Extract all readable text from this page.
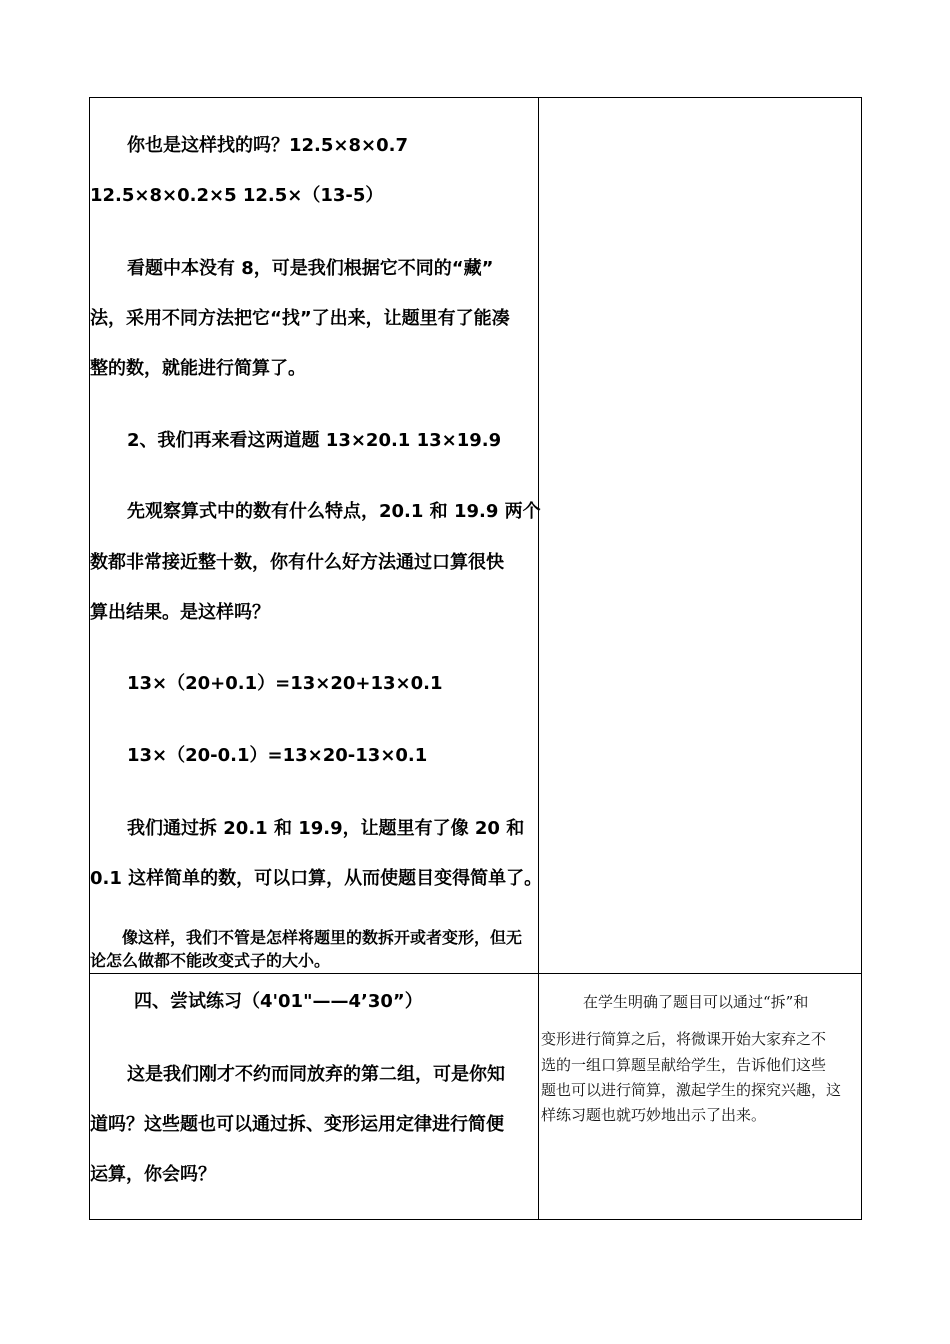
你也是这样找的吗？12.5×8×0.7
12.5×8×0.2×5 12.5×（13-5）
看题中本没有 8，可是我们根据它不同的“藏”
法，采用不同方法把它“找”了出来，让题里有了能凑
整的数，就能进行简算了。
2、我们再来看这两道题 13×20.1 13×19.9
先观察算式中的数有什么特点，20.1 和 19.9 两个
数都非常接近整十数，你有什么好方法通过口算很快
算出结果。是这样吗？
13×（20+0.1）=13×20+13×0.1
13×（20-0.1）=13×20-13×0.1
我们通过拆 20.1 和 19.9，让题里有了像 20 和
0.1 这样简单的数，可以口算，从而使题目变得简单了。
像这样，我们不管是怎样将题里的数拆开或者变形，但无
论怎么做都不能改变式子的大小。
四、尝试练习（4'01"——4’30”）
这是我们刚才不约而同放弃的第二组，可是你知
道吗？这些题也可以通过拆、变形运用定律进行简便
运算，你会吗？
在学生明确了题目可以通过“拆”和
变形进行简算之后，将微课开始大家弃之不
选的一组口算题呈献给学生，告诉他们这些
题也可以进行简算，激起学生的探究兴趣，这
样练习题也就巧妙地出示了出来。
